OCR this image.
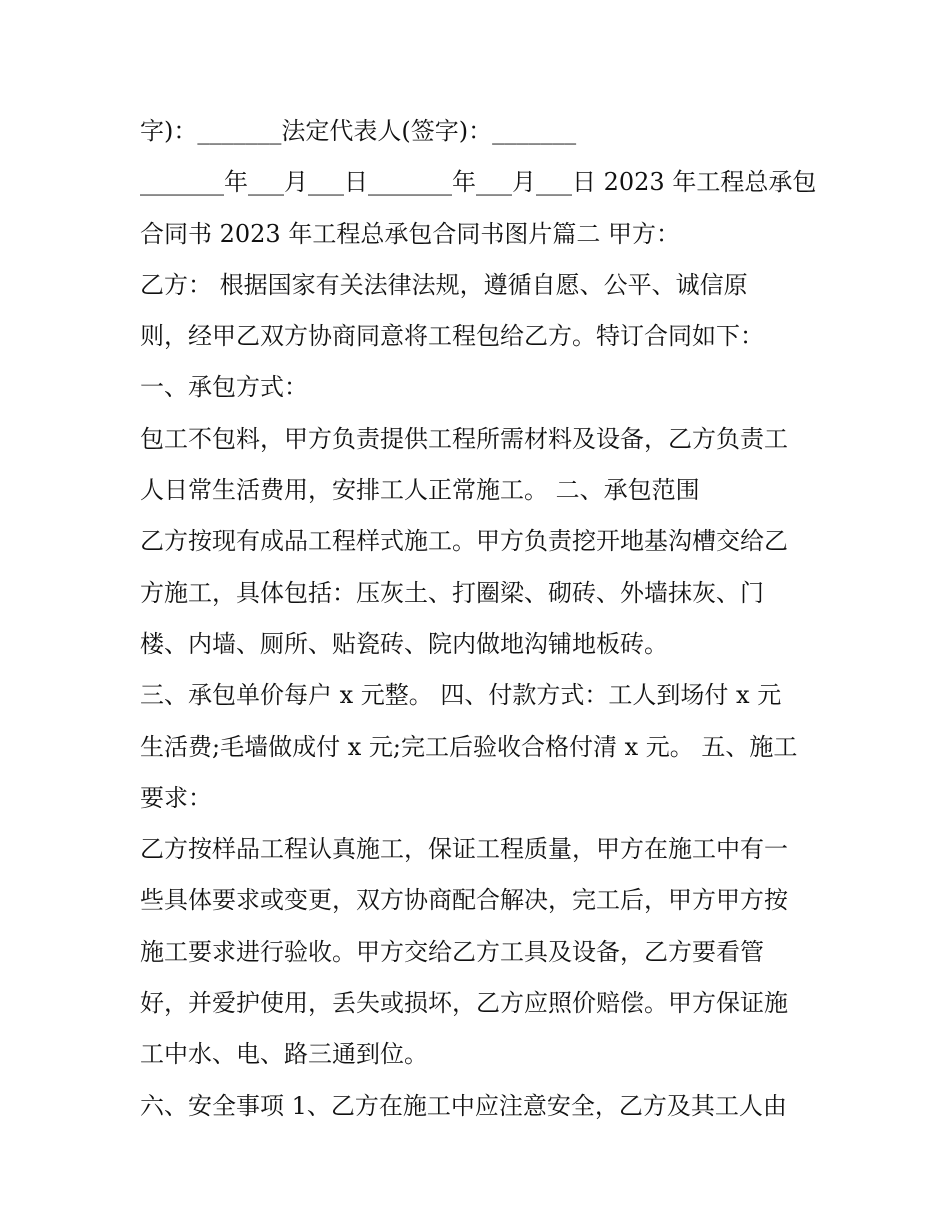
字)：_______法定代表人(签字)：_______
_______年___月___日_______年___月___日 2023 年工程总承包
合同书 2023 年工程总承包合同书图片篇二 甲方：
乙方： 根据国家有关法律法规，遵循自愿、公平、诚信原
则，经甲乙双方协商同意将工程包给乙方。特订合同如下：
一、承包方式：
包工不包料，甲方负责提供工程所需材料及设备，乙方负责工
人日常生活费用，安排工人正常施工。 二、承包范围
乙方按现有成品工程样式施工。甲方负责挖开地基沟槽交给乙
方施工，具体包括：压灰土、打圈梁、砌砖、外墙抹灰、门
楼、内墙、厕所、贴瓷砖、院内做地沟铺地板砖。
三、承包单价每户 x 元整。 四、付款方式：工人到场付 x 元
生活费;毛墙做成付 x 元;完工后验收合格付清 x 元。 五、施工
要求：
乙方按样品工程认真施工，保证工程质量，甲方在施工中有一
些具体要求或变更，双方协商配合解决，完工后，甲方甲方按
施工要求进行验收。甲方交给乙方工具及设备，乙方要看管
好，并爱护使用，丢失或损坏，乙方应照价赔偿。甲方保证施
工中水、电、路三通到位。
六、安全事项 1、乙方在施工中应注意安全，乙方及其工人由
